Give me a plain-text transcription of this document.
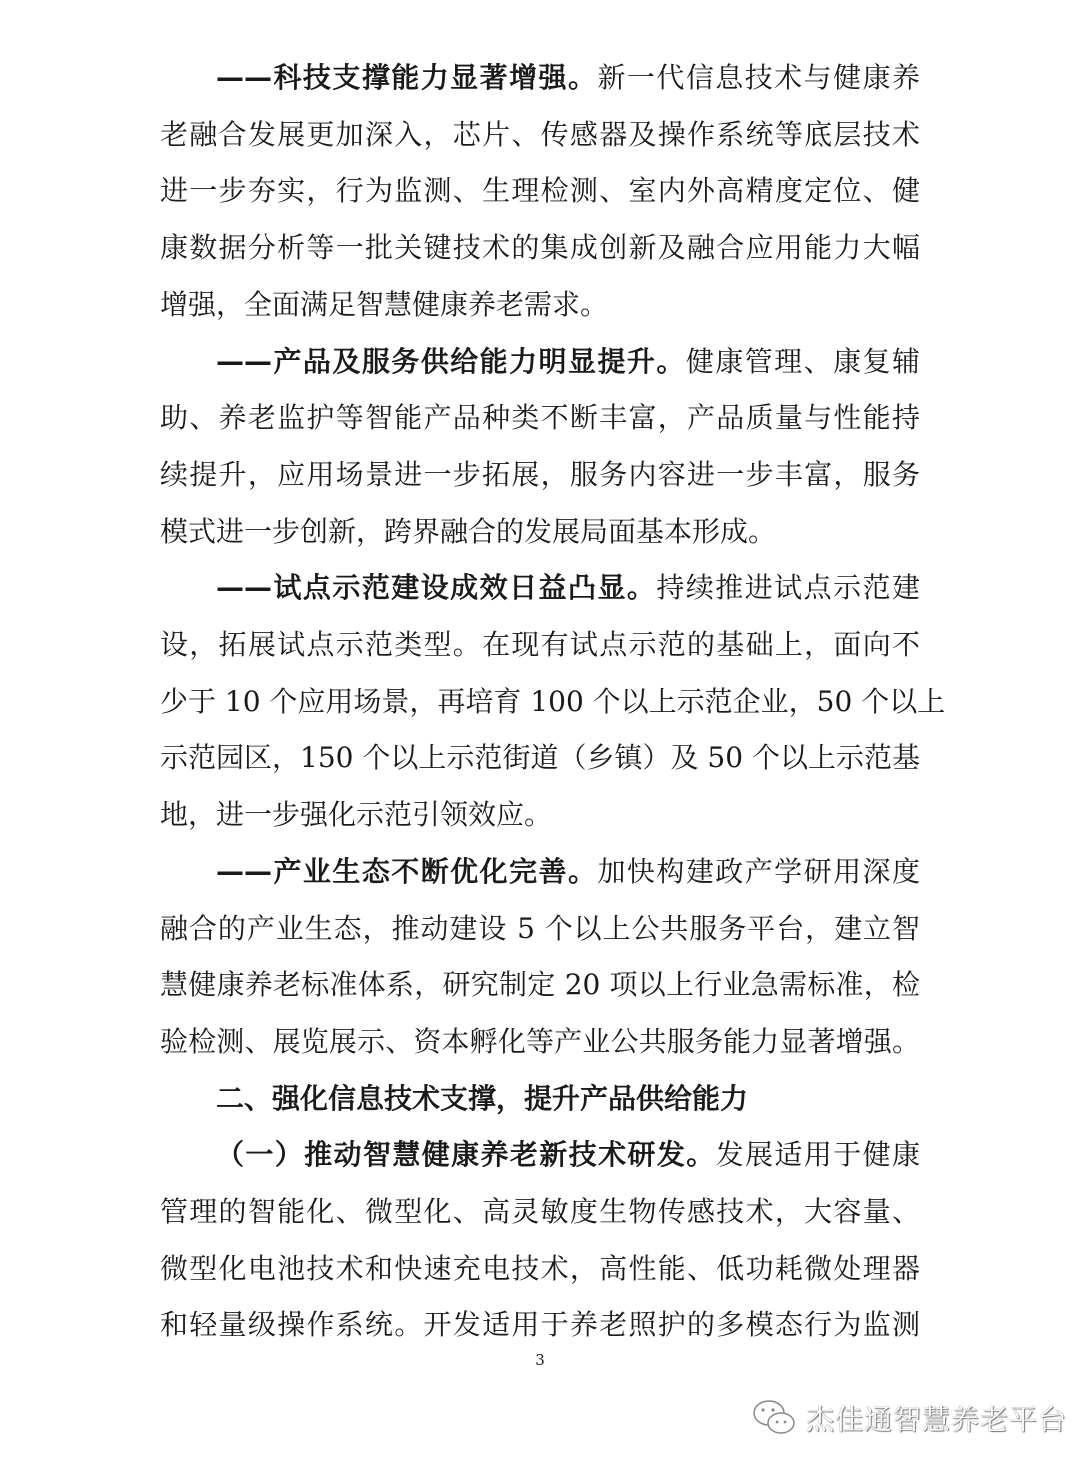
——科技支撑能力显著增强。新一代信息技术与健康养
老融合发展更加深入，芯片、传感器及操作系统等底层技术
进一步夯实，行为监测、生理检测、室内外高精度定位、健
康数据分析等一批关键技术的集成创新及融合应用能力大幅
增强，全面满足智慧健康养老需求。
——产品及服务供给能力明显提升。健康管理、康复辅
助、养老监护等智能产品种类不断丰富，产品质量与性能持
续提升，应用场景进一步拓展，服务内容进一步丰富，服务
模式进一步创新，跨界融合的发展局面基本形成。
——试点示范建设成效日益凸显。持续推进试点示范建
设，拓展试点示范类型。在现有试点示范的基础上，面向不
少于 10 个应用场景，再培育 100 个以上示范企业，50 个以上
示范园区，150 个以上示范街道（乡镇）及 50 个以上示范基
地，进一步强化示范引领效应。
——产业生态不断优化完善。加快构建政产学研用深度
融合的产业生态，推动建设 5 个以上公共服务平台，建立智
慧健康养老标准体系，研究制定 20 项以上行业急需标准，检
验检测、展览展示、资本孵化等产业公共服务能力显著增强。
二、强化信息技术支撑，提升产品供给能力
（一）推动智慧健康养老新技术研发。发展适用于健康
管理的智能化、微型化、高灵敏度生物传感技术，大容量、
微型化电池技术和快速充电技术，高性能、低功耗微处理器
和轻量级操作系统。开发适用于养老照护的多模态行为监测
3
杰佳通智慧养老平台
